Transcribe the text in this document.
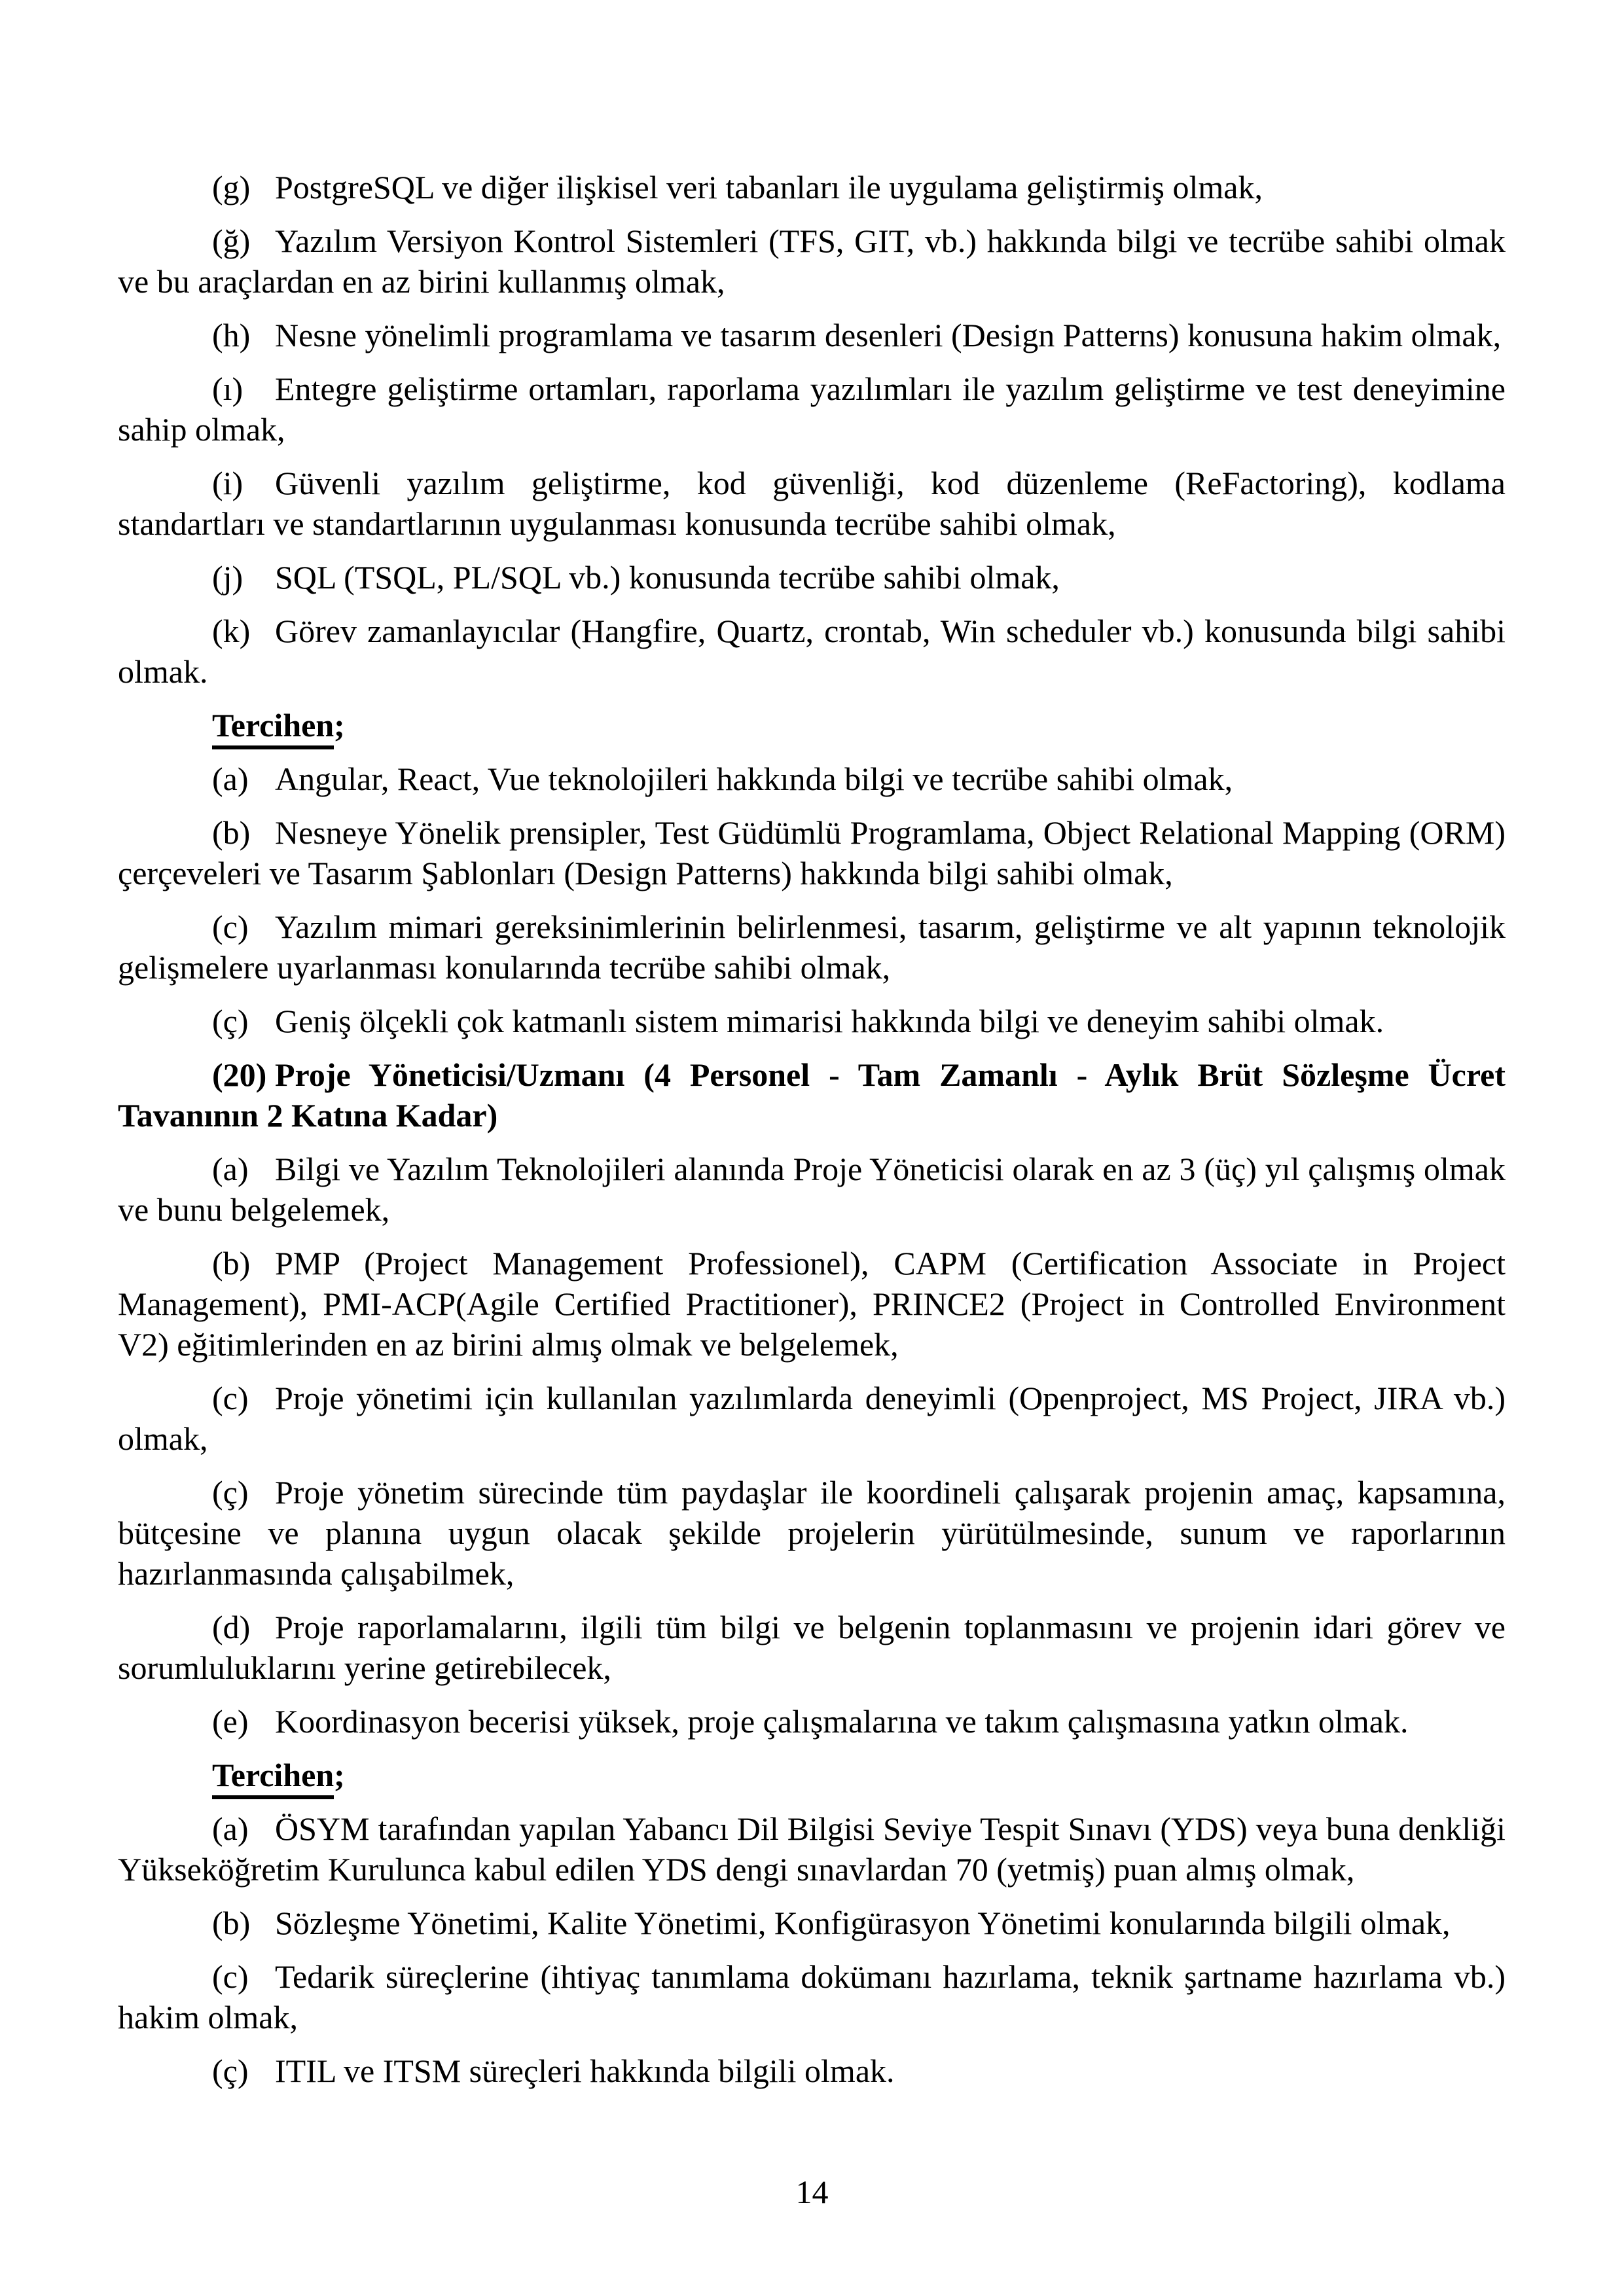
(g) PostgreSQL ve diğer ilişkisel veri tabanları ile uygulama geliştirmiş olmak,

(ğ) Yazılım Versiyon Kontrol Sistemleri (TFS, GIT, vb.) hakkında bilgi ve tecrübe sahibi olmak ve bu araçlardan en az birini kullanmış olmak,

(h) Nesne yönelimli programlama ve tasarım desenleri (Design Patterns) konusuna hakim olmak,

(ı) Entegre geliştirme ortamları, raporlama yazılımları ile yazılım geliştirme ve test deneyimine sahip olmak,

(i) Güvenli yazılım geliştirme, kod güvenliği, kod düzenleme (ReFactoring), kodlama standartları ve standartlarının uygulanması konusunda tecrübe sahibi olmak,

(j) SQL (TSQL, PL/SQL vb.) konusunda tecrübe sahibi olmak,

(k) Görev zamanlayıcılar (Hangfire, Quartz, crontab, Win scheduler vb.) konusunda bilgi sahibi olmak.

Tercihen;

(a) Angular, React, Vue teknolojileri hakkında bilgi ve tecrübe sahibi olmak,

(b) Nesneye Yönelik prensipler, Test Güdümlü Programlama, Object Relational Mapping (ORM) çerçeveleri ve Tasarım Şablonları (Design Patterns) hakkında bilgi sahibi olmak,

(c) Yazılım mimari gereksinimlerinin belirlenmesi, tasarım, geliştirme ve alt yapının teknolojik gelişmelere uyarlanması konularında tecrübe sahibi olmak,

(ç) Geniş ölçekli çok katmanlı sistem mimarisi hakkında bilgi ve deneyim sahibi olmak.

(20) Proje Yöneticisi/Uzmanı (4 Personel - Tam Zamanlı - Aylık Brüt Sözleşme Ücret Tavanının 2 Katına Kadar)

(a) Bilgi ve Yazılım Teknolojileri alanında Proje Yöneticisi olarak en az 3 (üç) yıl çalışmış olmak ve bunu belgelemek,

(b) PMP (Project Management Professionel), CAPM (Certification Associate in Project Management), PMI-ACP(Agile Certified Practitioner), PRINCE2 (Project in Controlled Environment V2) eğitimlerinden en az birini almış olmak ve belgelemek,

(c) Proje yönetimi için kullanılan yazılımlarda deneyimli (Openproject, MS Project, JIRA vb.) olmak,

(ç) Proje yönetim sürecinde tüm paydaşlar ile koordineli çalışarak projenin amaç, kapsamına, bütçesine ve planına uygun olacak şekilde projelerin yürütülmesinde, sunum ve raporlarının hazırlanmasında çalışabilmek,

(d) Proje raporlamalarını, ilgili tüm bilgi ve belgenin toplanmasını ve projenin idari görev ve sorumluluklarını yerine getirebilecek,

(e) Koordinasyon becerisi yüksek, proje çalışmalarına ve takım çalışmasına yatkın olmak.

Tercihen;

(a) ÖSYM tarafından yapılan Yabancı Dil Bilgisi Seviye Tespit Sınavı (YDS) veya buna denkliği Yükseköğretim Kurulunca kabul edilen YDS dengi sınavlardan 70 (yetmiş) puan almış olmak,

(b) Sözleşme Yönetimi, Kalite Yönetimi, Konfigürasyon Yönetimi konularında bilgili olmak,

(c) Tedarik süreçlerine (ihtiyaç tanımlama dokümanı hazırlama, teknik şartname hazırlama vb.) hakim olmak,

(ç) ITIL ve ITSM süreçleri hakkında bilgili olmak.

14
